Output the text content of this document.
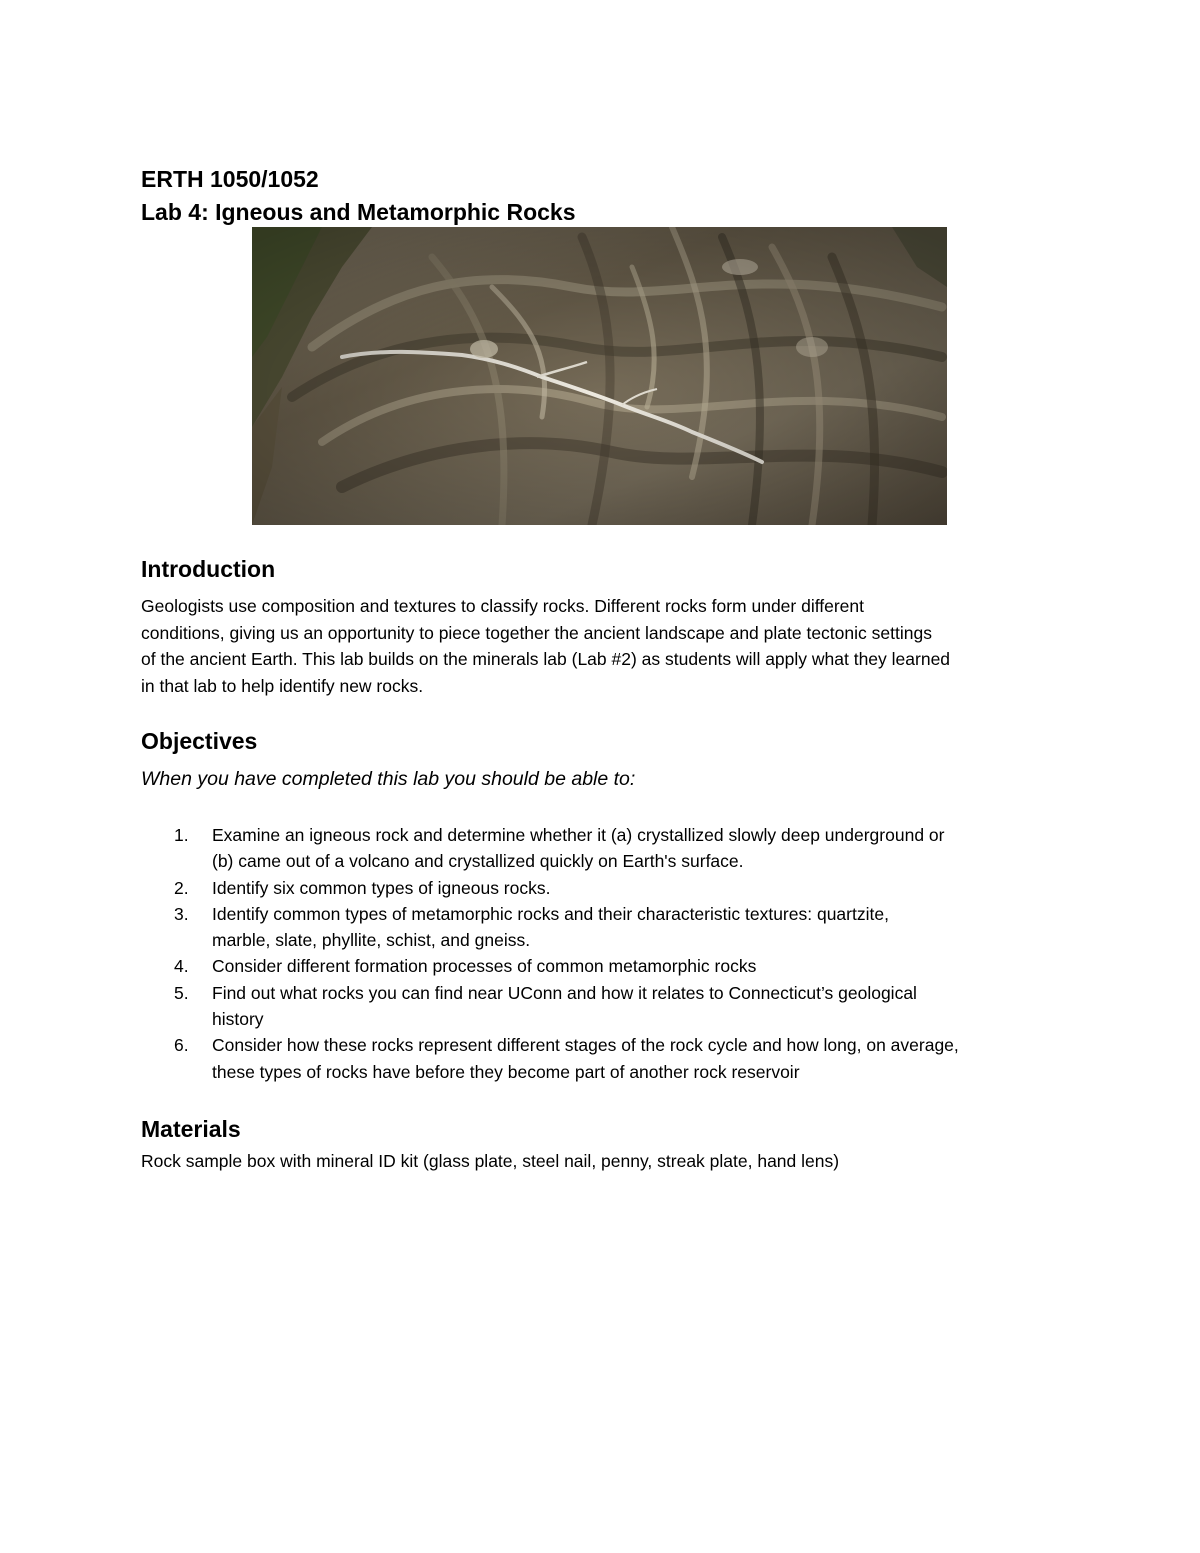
ERTH 1050/1052
Lab 4: Igneous and Metamorphic Rocks
Introduction
Geologists use composition and textures to classify rocks. Different rocks form under different
conditions, giving us an opportunity to piece together the ancient landscape and plate tectonic settings
of the ancient Earth. This lab builds on the minerals lab (Lab #2) as students will apply what they learned
in that lab to help identify new rocks.
Objectives
When you have completed this lab you should be able to:
1. Examine an igneous rock and determine whether it (a) crystallized slowly deep underground or
(b) came out of a volcano and crystallized quickly on Earth's surface.
2. Identify six common types of igneous rocks.
3. Identify common types of metamorphic rocks and their characteristic textures: quartzite,
marble, slate, phyllite, schist, and gneiss.
4. Consider different formation processes of common metamorphic rocks
5. Find out what rocks you can find near UConn and how it relates to Connecticut’s geological
history
6. Consider how these rocks represent different stages of the rock cycle and how long, on average,
these types of rocks have before they become part of another rock reservoir
Materials
Rock sample box with mineral ID kit (glass plate, steel nail, penny, streak plate, hand lens)
